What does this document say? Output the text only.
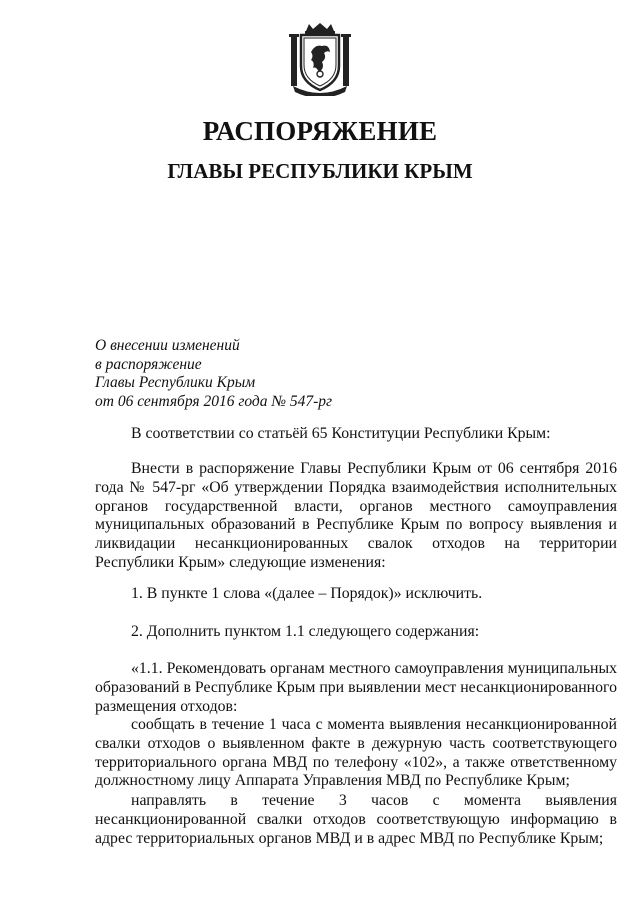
РАСПОРЯЖЕНИЕ
ГЛАВЫ РЕСПУБЛИКИ КРЫМ
О внесении изменений
в распоряжение
Главы Республики Крым
от 06 сентября 2016 года № 547-рг

В соответствии со статьёй 65 Конституции Республики Крым:

Внести в распоряжение Главы Республики Крым от 06 сентября 2016 года № 547-рг «Об утверждении Порядка взаимодействия исполнительных органов государственной власти, органов местного самоуправления муниципальных образований в Республике Крым по вопросу выявления и ликвидации несанкционированных свалок отходов на территории Республики Крым» следующие изменения:

1. В пункте 1 слова «(далее – Порядок)» исключить.

2. Дополнить пунктом 1.1 следующего содержания:

«1.1. Рекомендовать органам местного самоуправления муниципальных образований в Республике Крым при выявлении мест несанкционированного размещения отходов:

сообщать в течение 1 часа с момента выявления несанкционированной свалки отходов о выявленном факте в дежурную часть соответствующего территориального органа МВД по телефону «102», а также ответственному должностному лицу Аппарата Управления МВД по Республике Крым;

направлять в течение 3 часов с момента выявления несанкционированной свалки отходов соответствующую информацию в адрес территориальных органов МВД и в адрес МВД по Республике Крым;
